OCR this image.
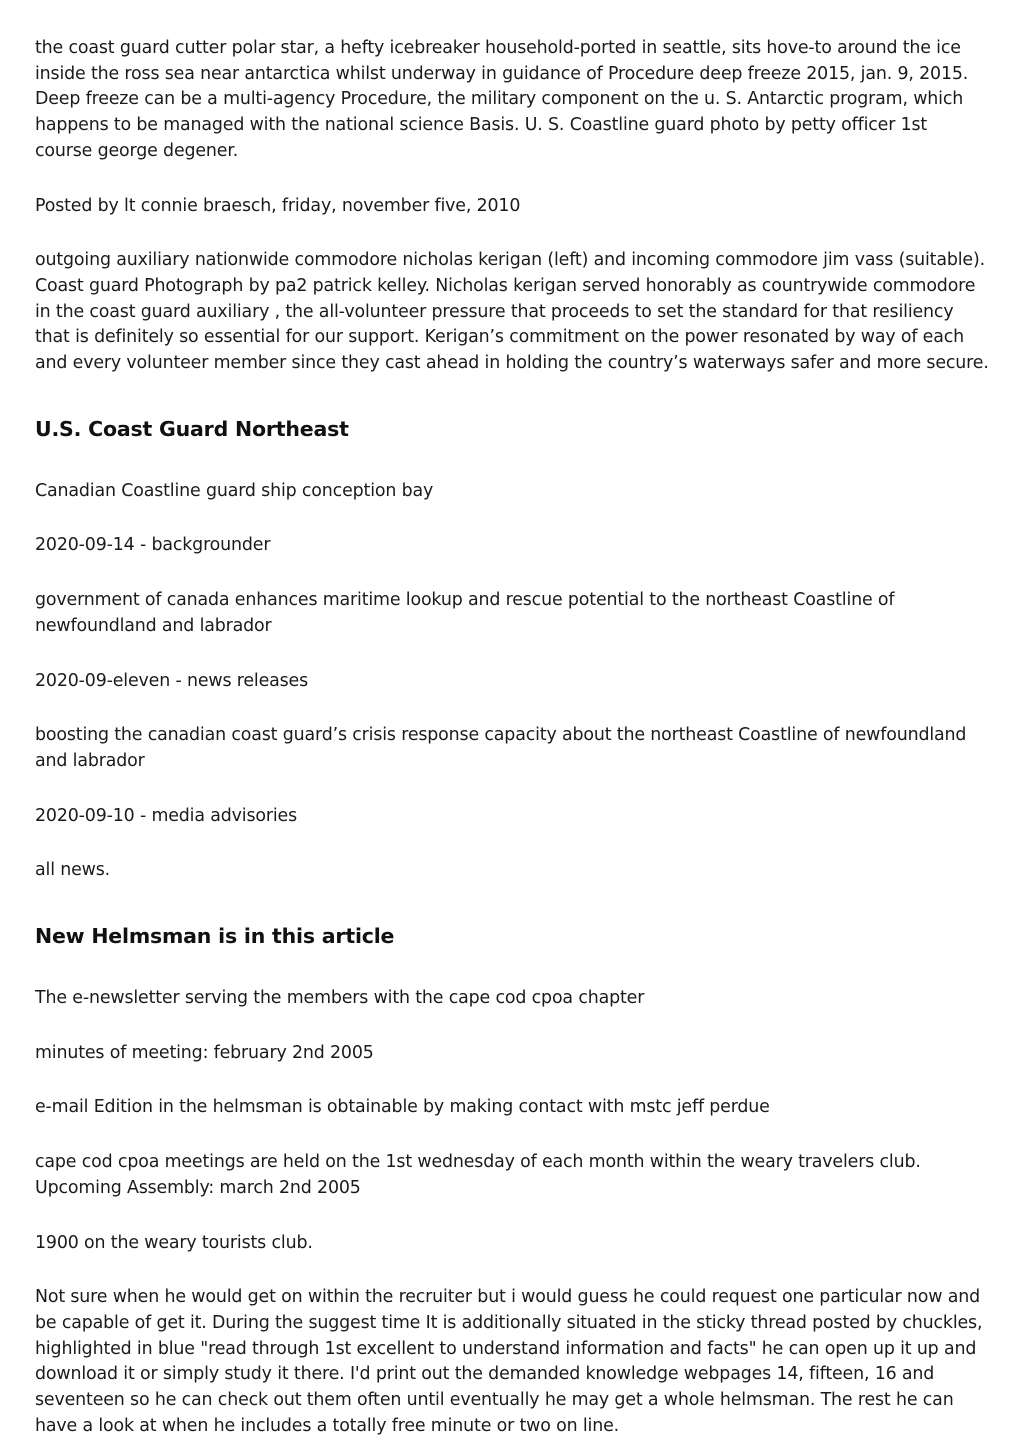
the coast guard cutter polar star, a hefty icebreaker household-ported in seattle, sits hove-to around the ice inside the ross sea near antarctica whilst underway in guidance of Procedure deep freeze 2015, jan. 9, 2015. Deep freeze can be a multi-agency Procedure, the military component on the u. S. Antarctic program, which happens to be managed with the national science Basis. U. S. Coastline guard photo by petty officer 1st course george degener.

Posted by lt connie braesch, friday, november five, 2010

outgoing auxiliary nationwide commodore nicholas kerigan (left) and incoming commodore jim vass (suitable). Coast guard Photograph by pa2 patrick kelley. Nicholas kerigan served honorably as countrywide commodore in the coast guard auxiliary , the all-volunteer pressure that proceeds to set the standard for that resiliency that is definitely so essential for our support. Kerigan’s commitment on the power resonated by way of each and every volunteer member since they cast ahead in holding the country’s waterways safer and more secure.

U.S. Coast Guard Northeast

Canadian Coastline guard ship conception bay

2020-09-14 - backgrounder

government of canada enhances maritime lookup and rescue potential to the northeast Coastline of newfoundland and labrador

2020-09-eleven - news releases

boosting the canadian coast guard’s crisis response capacity about the northeast Coastline of newfoundland and labrador

2020-09-10 - media advisories

all news.

New Helmsman is in this article

The e-newsletter serving the members with the cape cod cpoa chapter

minutes of meeting: february 2nd 2005

e-mail Edition in the helmsman is obtainable by making contact with mstc jeff perdue

cape cod cpoa meetings are held on the 1st wednesday of each month within the weary travelers club. Upcoming Assembly: march 2nd 2005

1900 on the weary tourists club.

Not sure when he would get on within the recruiter but i would guess he could request one particular now and be capable of get it. During the suggest time It is additionally situated in the sticky thread posted by chuckles, highlighted in blue "read through 1st excellent to understand information and facts" he can open up it up and download it or simply study it there. I'd print out the demanded knowledge webpages 14, fifteen, 16 and seventeen so he can check out them often until eventually he may get a whole helmsman. The rest he can have a look at when he includes a totally free minute or two on line.
